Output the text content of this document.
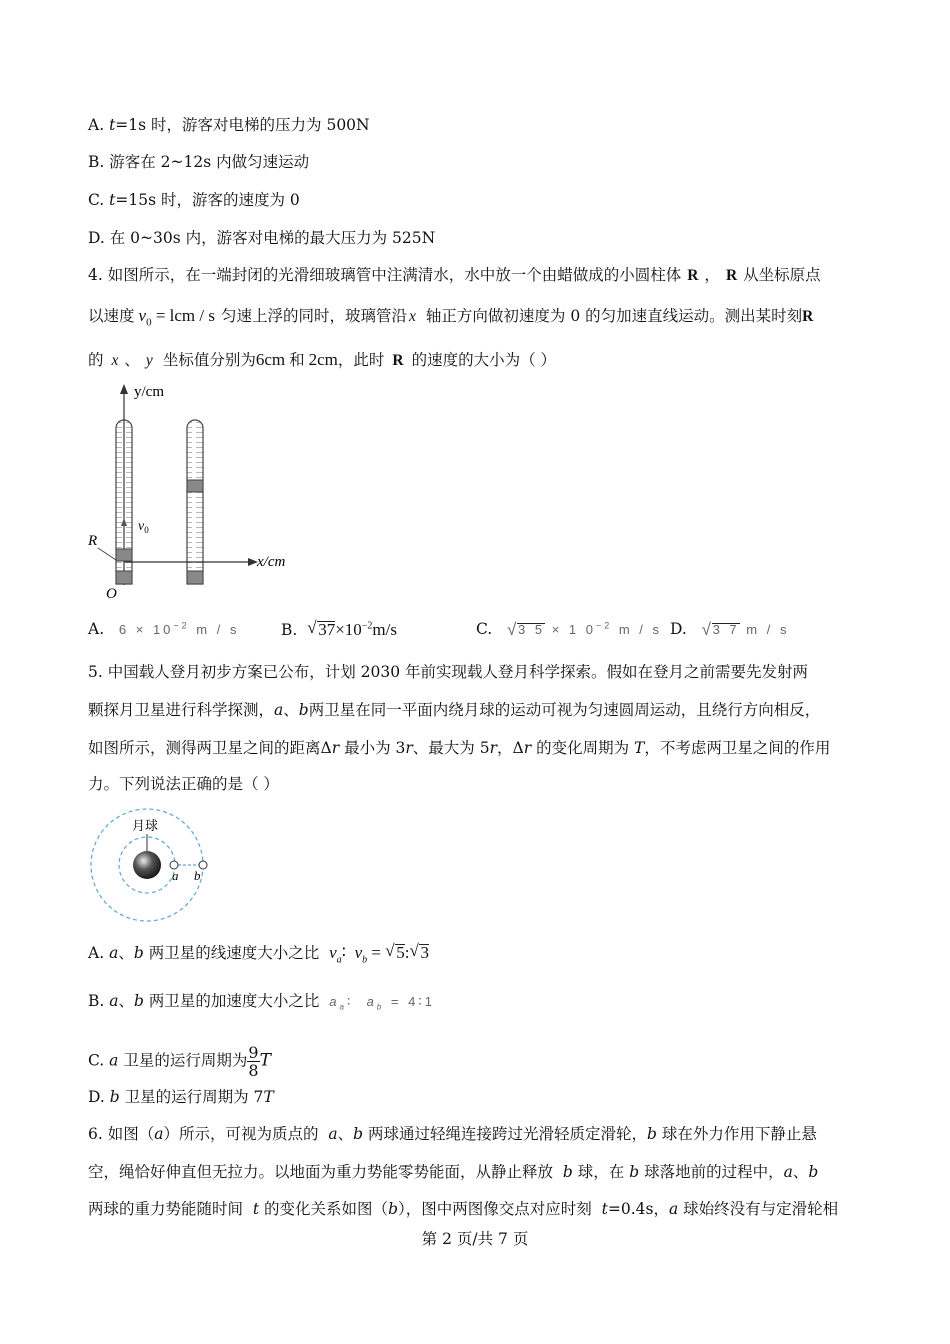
A. t=1s 时，游客对电梯的压力为 500N
B. 游客在 2~12s 内做匀速运动
C. t=15s 时，游客的速度为 0
D. 在 0~30s 内，游客对电梯的最大压力为 525N
4. 如图所示，在一端封闭的光滑细玻璃管中注满清水，水中放一个由蜡做成的小圆柱体 R ， R 从坐标原点
以速度 $v_0$ = lcm / s 匀速上浮的同时，玻璃管沿 x 轴正方向做初速度为 0 的匀加速直线运动。测出某时刻R
的 x 、 y 坐标值分别为6cm 和 2cm，此时 R 的速度的大小为（ ）
y/cm
x/cm
$v_0$
R
O
A. $6 \times 10^{-2}$ m / s	B. √ $37\times 10^{-2}m/s$	C. √
3 5 × 1 $0^{-2}$ m / s D. √
3 7 m / s
5. 中国载人登月初步方案已公布，计划 2030 年前实现载人登月科学探索。假如在登月之前需要先发射两
颗探月卫星进行科学探测，a、b两卫星在同一平面内绕月球的运动可视为匀速圆周运动，且绕行方向相反，
如图所示，测得两卫星之间的距离Δr 最小为 3r、最大为 5r，Δr 的变化周期为 T，不考虑两卫星之间的作用
力。下列说法正确的是（ ）
月球
a b
A. a、b 两卫星的线速度大小之比 $v_a∶$ $v_b$ = √ 5: √ 3
B. a、b 两卫星的加速度大小之比 $a_a∶$  $a_b$ = 4∶1
C. a 卫星的运行周期为 $\frac{9}{8}$ T
D. b 卫星的运行周期为 7T
6. 如图（a）所示，可视为质点的 a、b 两球通过轻绳连接跨过光滑轻质定滑轮，b 球在外力作用下静止悬
空，绳恰好伸直但无拉力。以地面为重力势能零势能面，从静止释放 b 球，在 b 球落地前的过程中，a、b
两球的重力势能随时间 t 的变化关系如图（b），图中两图像交点对应时刻 t=0.4s，a 球始终没有与定滑轮相
第 2 页/共 7 页
